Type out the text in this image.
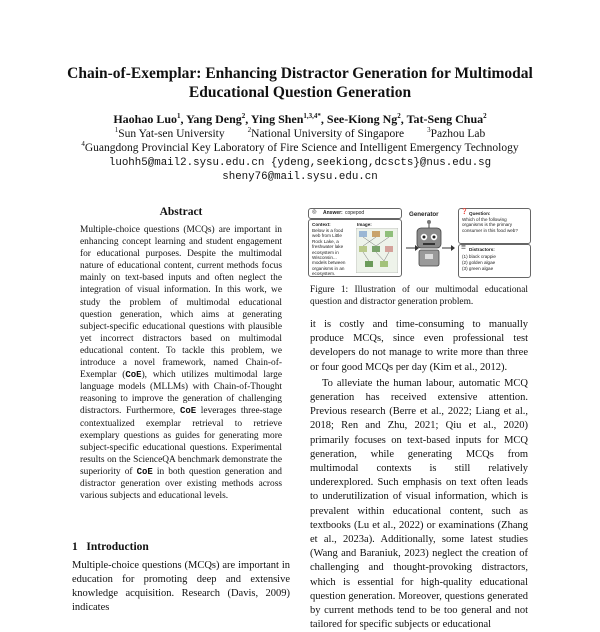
Chain-of-Exemplar: Enhancing Distractor Generation for Multimodal
Educational Question Generation
Haohao Luo$^1$, Yang Deng$^2$, Ying Shen$^{1,3,4*}$, See-Kiong Ng$^2$, Tat-Seng Chua$^2$
$^1$Sun Yat-sen University	$^2$National University of Singapore	$^3$Pazhou Lab
$^4$Guangdong Provincial Key Laboratory of Fire Science and Intelligent Emergency Technology
luohh5@mail2.sysu.edu.cn {ydeng,seekiong,dcscts}@nus.edu.sg
sheny76@mail.sysu.edu.cn
Abstract

Multiple-choice questions (MCQs) are important in enhancing concept learning and student engagement for educational purposes. Despite the multimodal nature of educational content, current methods focus mainly on text-based inputs and often neglect the integration of visual information. In this work, we study the problem of multimodal educational question generation, which aims at generating subject-specific educational questions with plausible yet incorrect distractors based on multimodal educational content. To tackle this problem, we introduce a novel framework, named Chain-of-Exemplar (CoE), which utilizes multimodal large language models (MLLMs) with Chain-of-Thought reasoning to improve the generation of challenging distractors. Furthermore, CoE leverages three-stage contextualized exemplar retrieval to retrieve exemplary questions as guides for generating more subject-specific educational questions. Experimental results on the ScienceQA benchmark demonstrate the superiority of CoE in both question generation and distractor generation over existing methods across various subjects and educational levels.

1 Introduction

Multiple-choice questions (MCQs) are important in education for promoting deep and extensive knowledge acquisition. Research (Davis, 2009) indicates

◎ Answer: copepod
Context:
Below is a food web from Little Rock Lake, a freshwater lake ecosystem in Wisconsin... models between organisms in an ecosystem.
Image:
Generator	❓ Question:
Which of the following organisms is the primary consumer in this food web?
☰ Distractors:
(1) black crappie
(2) golden algae
(3) green algae
Figure 1: Illustration of our multimodal educational question and distractor generation problem.

it is costly and time-consuming to manually produce MCQs, since even professional test developers do not manage to write more than three or four good MCQs per day (Kim et al., 2012).

To alleviate the human labour, automatic MCQ generation has received extensive attention. Previous research (Berre et al., 2022; Liang et al., 2018; Ren and Zhu, 2021; Qiu et al., 2020) primarily focuses on text-based inputs for MCQ generation, while generating MCQs from multimodal contexts is still relatively underexplored. Such emphasis on text often leads to underutilization of visual information, which is prevalent within educational content, such as textbooks (Lu et al., 2022) or examinations (Zhang et al., 2023a). Additionally, some latest studies (Wang and Baraniuk, 2023) neglect the creation of challenging and thought-provoking distractors, which is essential for high-quality educational question generation. Moreover, questions generated by current methods tend to be too general and not tailored for specific subjects or educational
